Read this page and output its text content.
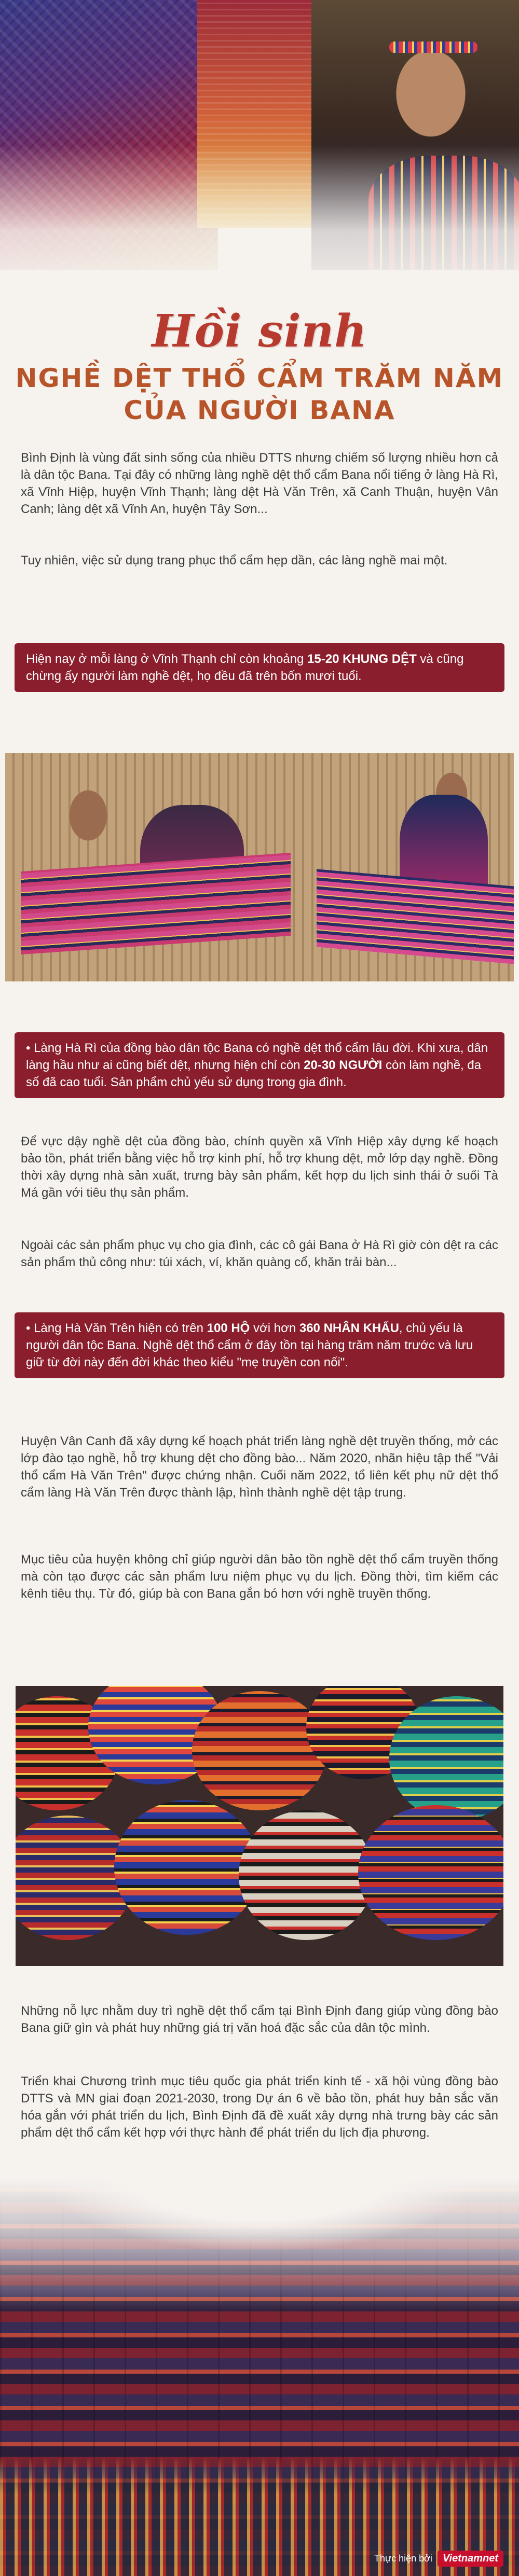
Hồi sinh
NGHỀ DỆT THỔ CẨM TRĂM NĂM
CỦA NGƯỜI BANA

Bình Định là vùng đất sinh sống của nhiều DTTS nhưng chiếm số lượng nhiều hơn cả là dân tộc Bana. Tại đây có những làng nghề dệt thổ cẩm Bana nổi tiếng ở làng Hà Rì, xã Vĩnh Hiệp, huyện Vĩnh Thạnh; làng dệt Hà Văn Trên, xã Canh Thuận, huyện Vân Canh; làng dệt xã Vĩnh An, huyện Tây Sơn...

Tuy nhiên, việc sử dụng trang phục thổ cẩm hẹp dần, các làng nghề mai một.

Hiện nay ở mỗi làng ở Vĩnh Thạnh chỉ còn khoảng 15-20 KHUNG DỆT và cũng chừng ấy người làm nghề dệt, họ đều đã trên bốn mươi tuổi.
• Làng Hà Rì của đồng bào dân tộc Bana có nghề dệt thổ cẩm lâu đời. Khi xưa, dân làng hầu như ai cũng biết dệt, nhưng hiện chỉ còn 20-30 NGƯỜI còn làm nghề, đa số đã cao tuổi. Sản phẩm chủ yếu sử dụng trong gia đình.

Để vực dậy nghề dệt của đồng bào, chính quyền xã Vĩnh Hiệp xây dựng kế hoạch bảo tồn, phát triển bằng việc hỗ trợ kinh phí, hỗ trợ khung dệt, mở lớp dạy nghề. Đồng thời xây dựng nhà sản xuất, trưng bày sản phẩm, kết hợp du lịch sinh thái ở suối Tà Má gần với tiêu thụ sản phẩm.

Ngoài các sản phẩm phục vụ cho gia đình, các cô gái Bana ở Hà Rì giờ còn dệt ra các sản phẩm thủ công như: túi xách, ví, khăn quàng cổ, khăn trải bàn...

• Làng Hà Văn Trên hiện có trên 100 HỘ với hơn 360 NHÂN KHẨU, chủ yếu là người dân tộc Bana. Nghề dệt thổ cẩm ở đây tồn tại hàng trăm năm trước và lưu giữ từ đời này đến đời khác theo kiểu "mẹ truyền con nối".

Huyện Vân Canh đã xây dựng kế hoạch phát triển làng nghề dệt truyền thống, mở các lớp đào tạo nghề, hỗ trợ khung dệt cho đồng bào... Năm 2020, nhãn hiệu tập thể "Vải thổ cẩm Hà Văn Trên" được chứng nhận. Cuối năm 2022, tổ liên kết phụ nữ dệt thổ cẩm làng Hà Văn Trên được thành lập, hình thành nghề dệt tập trung.

Mục tiêu của huyện không chỉ giúp người dân bảo tồn nghề dệt thổ cẩm truyền thống mà còn tạo được các sản phẩm lưu niệm phục vụ du lịch. Đồng thời, tìm kiếm các kênh tiêu thụ. Từ đó, giúp bà con Bana gắn bó hơn với nghề truyền thống.

Những nỗ lực nhằm duy trì nghề dệt thổ cẩm tại Bình Định đang giúp vùng đồng bào Bana giữ gìn và phát huy những giá trị văn hoá đặc sắc của dân tộc mình.

Triển khai Chương trình mục tiêu quốc gia phát triển kinh tế - xã hội vùng đồng bào DTTS và MN giai đoạn 2021-2030, trong Dự án 6 về bảo tồn, phát huy bản sắc văn hóa gắn với phát triển du lịch, Bình Định đã đề xuất xây dựng nhà trưng bày các sản phẩm dệt thổ cẩm kết hợp với thực hành để phát triển du lịch địa phương.

Thực hiện bởi	Vietnamnet
